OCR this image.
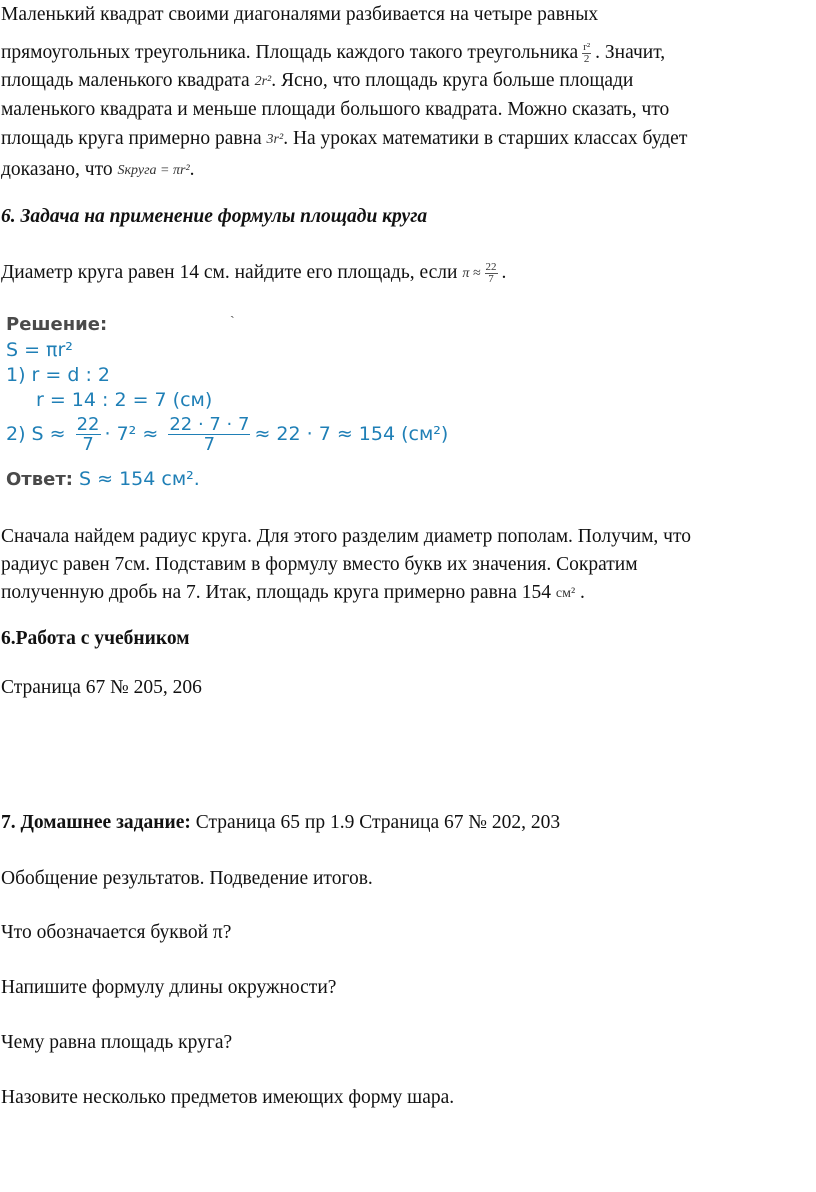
Маленький квадрат своими диагоналями разбивается на четыре равных
прямоугольных треугольника. Площадь каждого такого треугольника $\frac{\text{r²}}{2}$ . Значит,
площадь маленького квадрата 2r². Ясно, что площадь круга больше площади
маленького квадрата и меньше площади большого квадрата. Можно сказать, что
площадь круга примерно равна 3r². На уроках математики в старших классах будет
доказано, что Sкруга = πr².
6. Задача на применение формулы площади круга
Диаметр круга равен 14 см. найдите его площадь, если $\pi \approx \frac{22}{7}$ .
ˏ
Решение:
S = πr²
1) r = d : 2
r = 14 : 2 = 7 (см)
2) $S \approx \frac{22}{7} \cdot 7^2 \approx \frac{22 \cdot 7 \cdot 7}{7} \approx 22 \cdot 7 \approx 154$ (см²)
Ответ: S ≈ 154 см².
Сначала найдем радиус круга. Для этого разделим диаметр пополам. Получим, что
радиус равен 7см. Подставим в формулу вместо букв их значения. Сократим
полученную дробь на 7. Итак, площадь круга примерно равна 154 см² .
6.Работа с учебником
Страница 67 № 205, 206
7. Домашнее задание: Страница 65 пр 1.9 Страница 67 № 202, 203
Обобщение результатов. Подведение итогов.
Что обозначается буквой π?
Напишите формулу длины окружности?
Чему равна площадь круга?
Назовите несколько предметов имеющих форму шара.
